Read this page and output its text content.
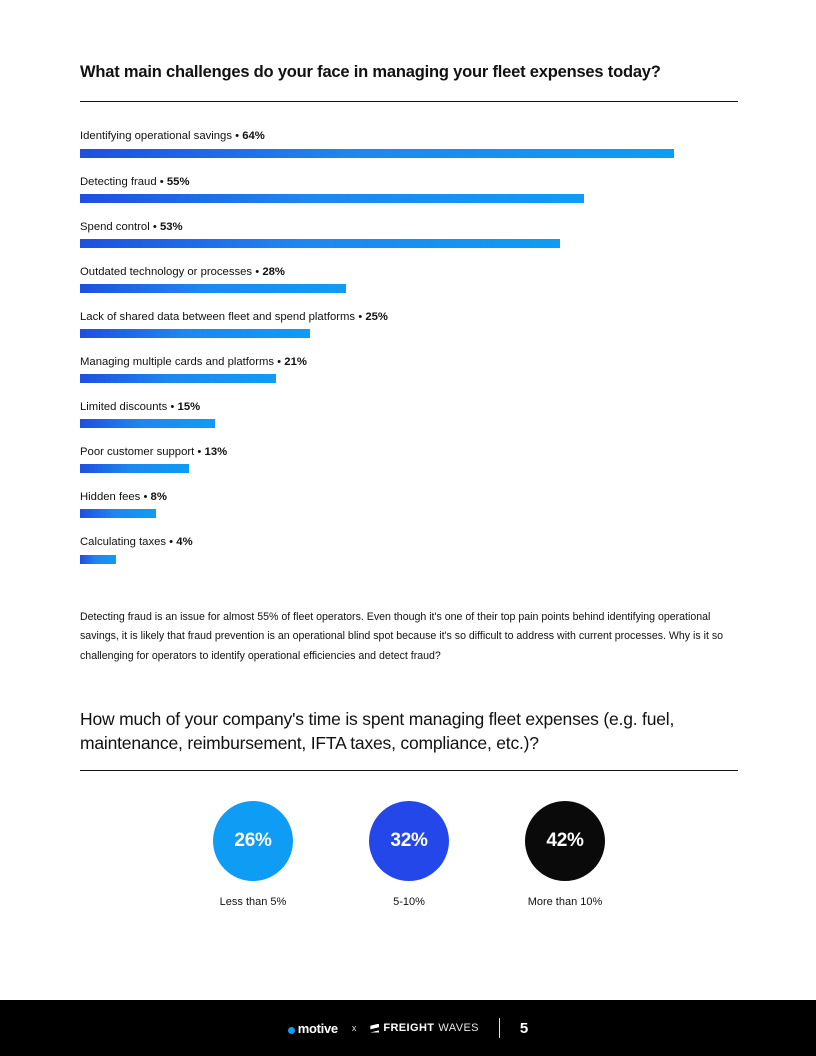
What main challenges do your face in managing your fleet expenses today?
Identifying operational savings • 64%
Detecting fraud • 55%
Spend control • 53%
Outdated technology or processes • 28%
Lack of shared data between fleet and spend platforms • 25%
Managing multiple cards and platforms • 21%
Limited discounts • 15%
Poor customer support • 13%
Hidden fees • 8%
Calculating taxes • 4%
Detecting fraud is an issue for almost 55% of fleet operators. Even though it's one of their top pain points behind identifying operational savings, it is likely that fraud prevention is an operational blind spot because it's so difficult to address with current processes. Why is it so challenging for operators to identify operational efficiencies and detect fraud?
How much of your company's time is spent managing fleet expenses (e.g. fuel, maintenance, reimbursement, IFTA taxes, compliance, etc.)?
26%
Less than 5%
32%
5-10%
42%
More than 10%
motive x FREIGHT WAVES	5
